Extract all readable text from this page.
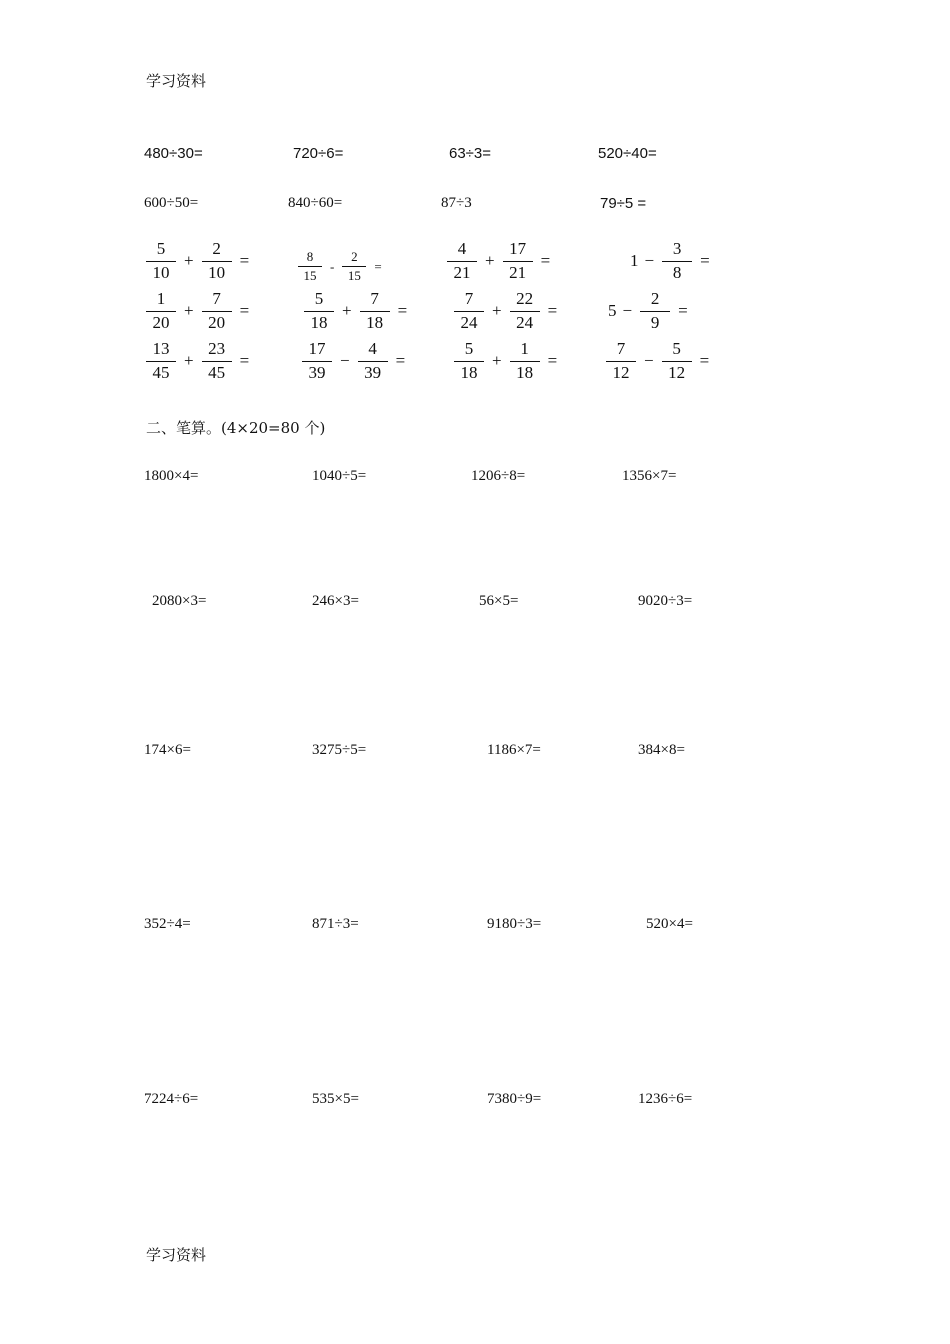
学习资料
480÷30=	720÷6=	63÷3=	520÷40=
600÷50=	840÷60=	87÷3	79÷5 =
$\frac{5}{10} + \frac{2}{10}$ =	$\frac{8}{15} - \frac{2}{15}$ =	$\frac{4}{21} + \frac{17}{21}$ =	$1 - \frac{3}{8}$ =
$\frac{1}{20} + \frac{7}{20}$ =	$\frac{5}{18} + \frac{7}{18}$ =	$\frac{7}{24} + \frac{22}{24}$ =	$5 - \frac{2}{9}$ =
$\frac{13}{45} + \frac{23}{45}$ =	$\frac{17}{39} - \frac{4}{39}$ =	$\frac{5}{18} + \frac{1}{18}$ =	$\frac{7}{12} - \frac{5}{12}$ =
二、笔算。(4×20=80 个)
1800×4=	1040÷5=	1206÷8=	1356×7=
2080×3=	246×3=	56×5=	9020÷3=
174×6=	3275÷5=	1186×7=	384×8=
352÷4=	871÷3=	9180÷3=	520×4=
7224÷6=	535×5=	7380÷9=	1236÷6=
学习资料
